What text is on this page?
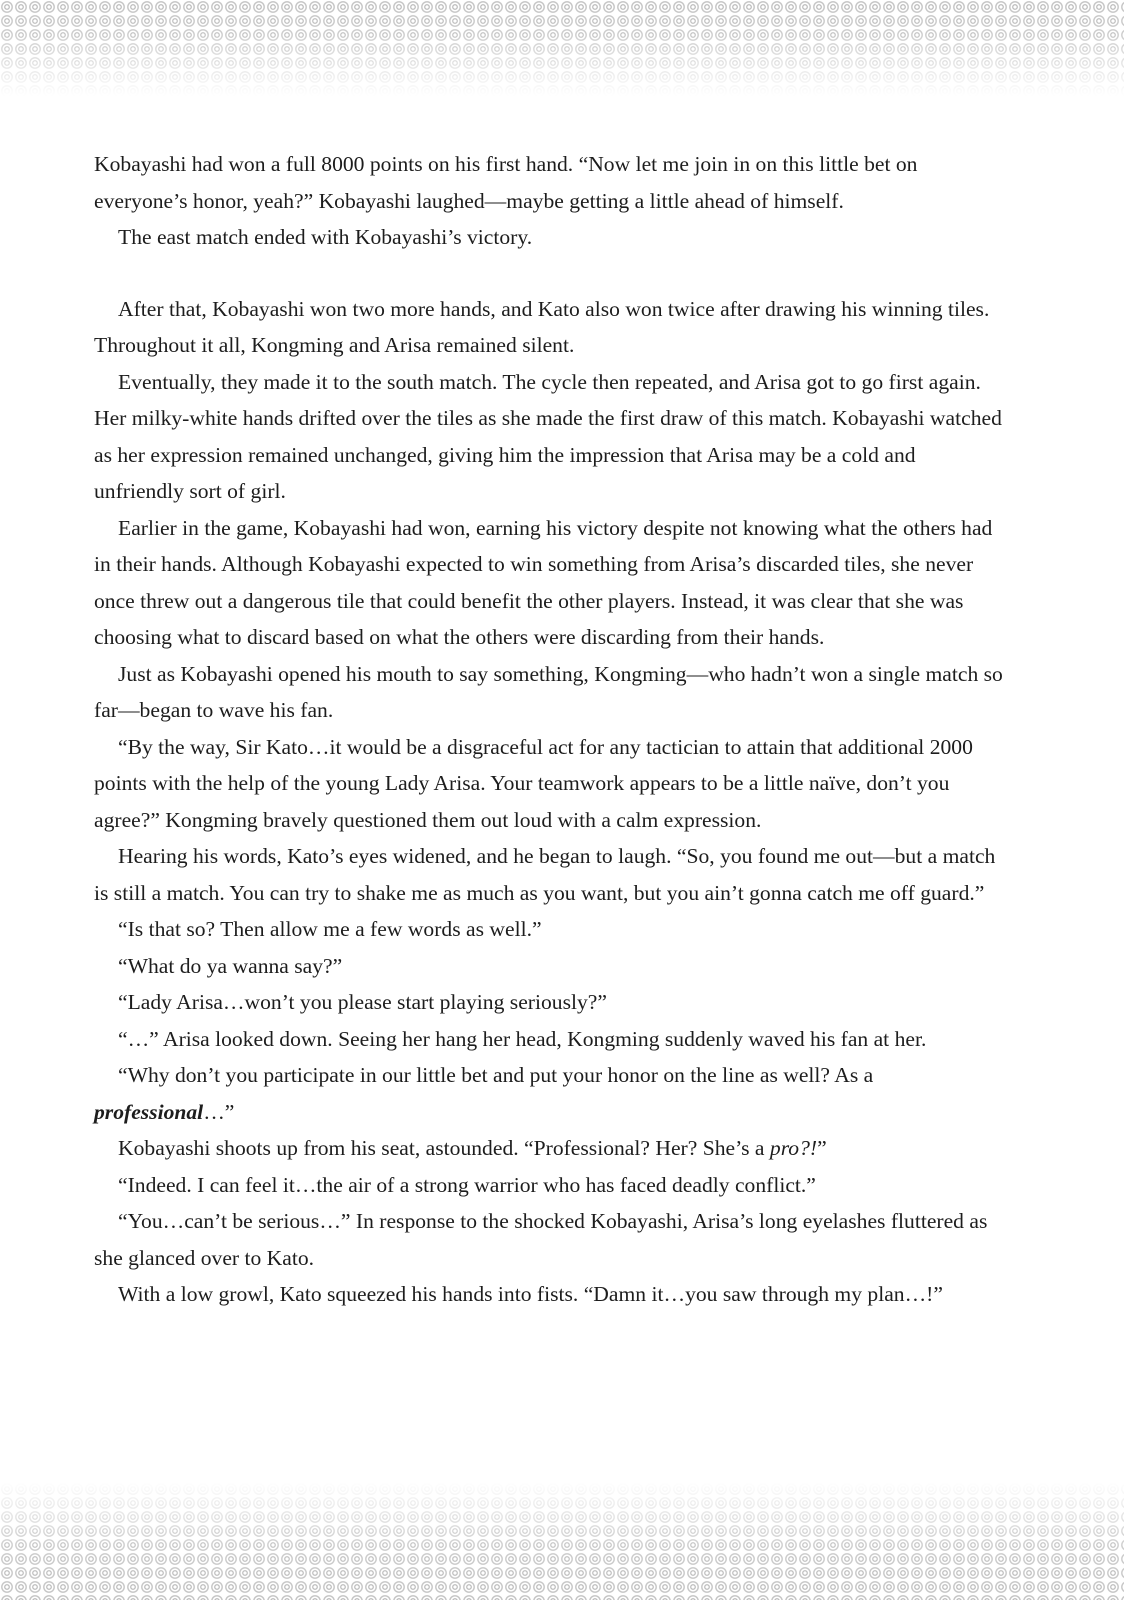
Kobayashi had won a full 8000 points on his first hand. “Now let me join in on this little bet on everyone’s honor, yeah?” Kobayashi laughed—maybe getting a little ahead of himself.

The east match ended with Kobayashi’s victory.

After that, Kobayashi won two more hands, and Kato also won twice after drawing his winning tiles. Throughout it all, Kongming and Arisa remained silent.

Eventually, they made it to the south match. The cycle then repeated, and Arisa got to go first again. Her milky-white hands drifted over the tiles as she made the first draw of this match. Kobayashi watched as her expression remained unchanged, giving him the impression that Arisa may be a cold and unfriendly sort of girl.

Earlier in the game, Kobayashi had won, earning his victory despite not knowing what the others had in their hands. Although Kobayashi expected to win something from Arisa’s discarded tiles, she never once threw out a dangerous tile that could benefit the other players. Instead, it was clear that she was choosing what to discard based on what the others were discarding from their hands.

Just as Kobayashi opened his mouth to say something, Kongming—who hadn’t won a single match so far—began to wave his fan.

“By the way, Sir Kato…it would be a disgraceful act for any tactician to attain that additional 2000 points with the help of the young Lady Arisa. Your teamwork appears to be a little naïve, don’t you agree?” Kongming bravely questioned them out loud with a calm expression.

Hearing his words, Kato’s eyes widened, and he began to laugh. “So, you found me out—but a match is still a match. You can try to shake me as much as you want, but you ain’t gonna catch me off guard.”

“Is that so? Then allow me a few words as well.”

“What do ya wanna say?”

“Lady Arisa…won’t you please start playing seriously?”

“…” Arisa looked down. Seeing her hang her head, Kongming suddenly waved his fan at her.

“Why don’t you participate in our little bet and put your honor on the line as well? As a professional…”

Kobayashi shoots up from his seat, astounded. “Professional? Her? She’s a pro?!”

“Indeed. I can feel it…the air of a strong warrior who has faced deadly conflict.”

“You…can’t be serious…” In response to the shocked Kobayashi, Arisa’s long eyelashes fluttered as she glanced over to Kato.

With a low growl, Kato squeezed his hands into fists. “Damn it…you saw through my plan…!”
